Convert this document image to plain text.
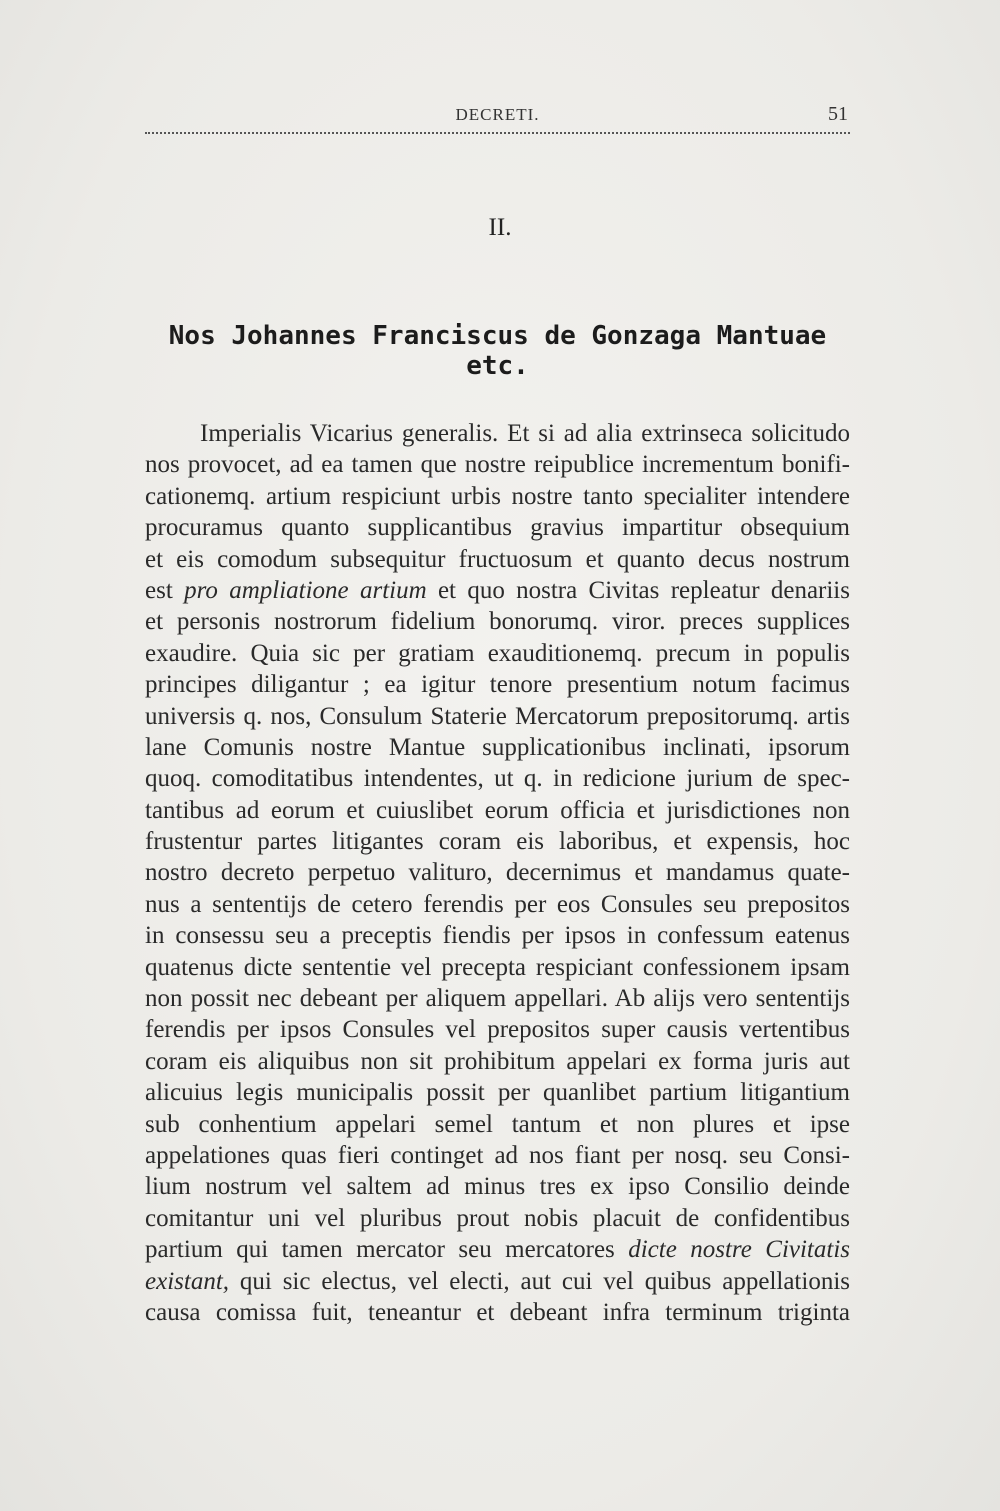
DECRETI.	51
II.
Nos Johannes Franciscus de Gonzaga Mantuae etc.
Imperialis Vicarius generalis. Et si ad alia extrinseca solicitudo
nos provocet, ad ea tamen que nostre reipublice incrementum bonifi-
cationemq. artium respiciunt urbis nostre tanto specialiter intendere
procuramus quanto supplicantibus gravius impartitur obsequium
et eis comodum subsequitur fructuosum et quanto decus nostrum
est pro ampliatione artium et quo nostra Civitas repleatur denariis
et personis nostrorum fidelium bonorumq. viror. preces supplices
exaudire. Quia sic per gratiam exauditionemq. precum in populis
principes diligantur ; ea igitur tenore presentium notum facimus
universis q. nos, Consulum Staterie Mercatorum prepositorumq. artis
lane Comunis nostre Mantue supplicationibus inclinati, ipsorum
quoq. comoditatibus intendentes, ut q. in redicione jurium de spec-
tantibus ad eorum et cuiuslibet eorum officia et jurisdictiones non
frustentur partes litigantes coram eis laboribus, et expensis, hoc
nostro decreto perpetuo valituro, decernimus et mandamus quate-
nus a sententijs de cetero ferendis per eos Consules seu prepositos
in consessu seu a preceptis fiendis per ipsos in confessum eatenus
quatenus dicte sententie vel precepta respiciant confessionem ipsam
non possit nec debeant per aliquem appellari. Ab alijs vero sententijs
ferendis per ipsos Consules vel prepositos super causis vertentibus
coram eis aliquibus non sit prohibitum appelari ex forma juris aut
alicuius legis municipalis possit per quanlibet partium litigantium
sub conhentium appelari semel tantum et non plures et ipse
appelationes quas fieri continget ad nos fiant per nosq. seu Consi-
lium nostrum vel saltem ad minus tres ex ipso Consilio deinde
comitantur uni vel pluribus prout nobis placuit de confidentibus
partium qui tamen mercator seu mercatores dicte nostre Civitatis
existant, qui sic electus, vel electi, aut cui vel quibus appellationis
causa comissa fuit, teneantur et debeant infra terminum triginta
